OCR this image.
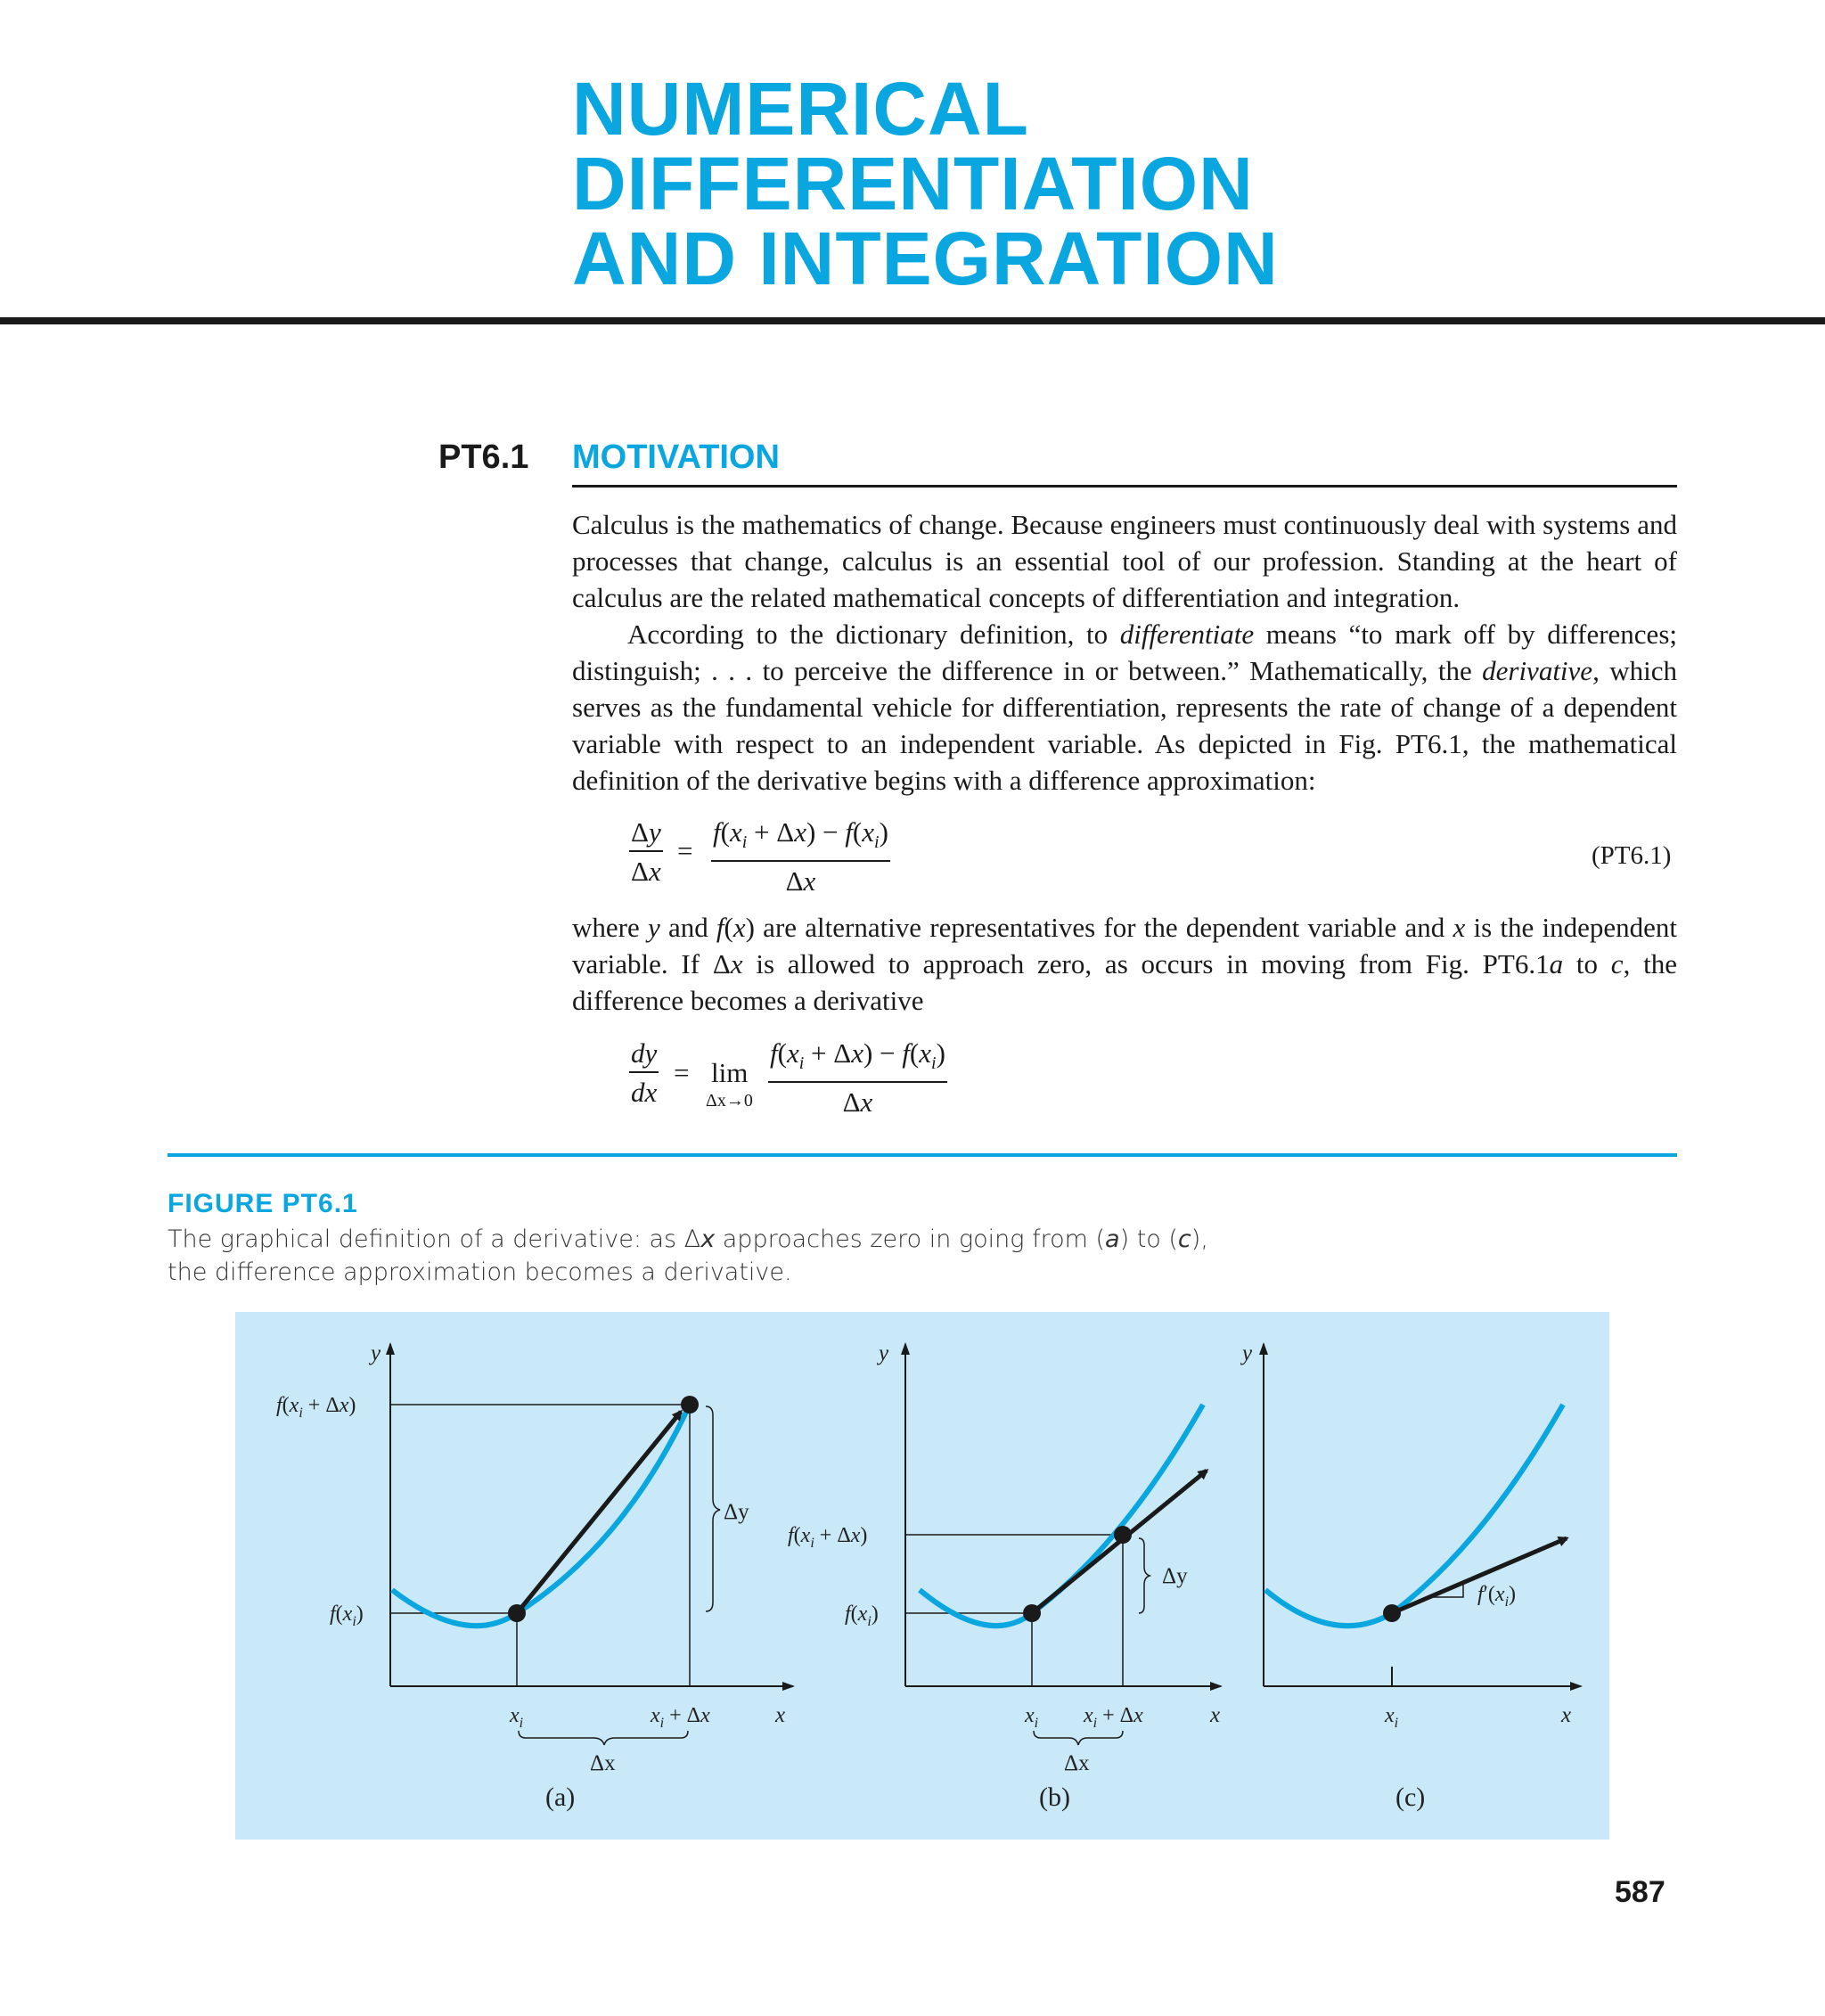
NUMERICAL
DIFFERENTIATION
AND INTEGRATION
PT6.1 MOTIVATION

Calculus is the mathematics of change. Because engineers must continuously deal with systems and processes that change, calculus is an essential tool of our profession. Standing at the heart of calculus are the related mathematical concepts of differentiation and integration.

According to the dictionary definition, to differentiate means “to mark off by differences; distinguish; . . . to perceive the difference in or between.” Mathematically, the derivative, which serves as the fundamental vehicle for differentiation, represents the rate of change of a dependent variable with respect to an independent variable. As depicted in Fig. PT6.1, the mathematical definition of the derivative begins with a difference approximation:

$\frac{\Delta y}{\Delta x} = \frac{f(x_i + \Delta x) - f(x_i)}{\Delta x}$	(PT6.1)

where y and f(x) are alternative representatives for the dependent variable and x is the independent variable. If Δx is allowed to approach zero, as occurs in moving from Fig. PT6.1a to c, the difference becomes a derivative

$\frac{dy}{dx} = \lim$
$\Delta x\to 0 \frac{f(x_i + \Delta x) - f(x_i)}{\Delta x}$
FIGURE PT6.1

The graphical definition of a derivative: as Δx approaches zero in going from (a) to (c), the difference approximation becomes a derivative.

y
$f(x_i + \Delta x)$
$f(x_i)$
Δy
$x_i$	$x_i + \Delta x$	x
Δx
(a)
y
$f(x_i + \Delta x)$
$f(x_i)$
Δy
$x_i$ $x_i + \Delta x$	x
Δx
(b)
y
$f'(x_i)$
$x_i$	x
(c)
587
